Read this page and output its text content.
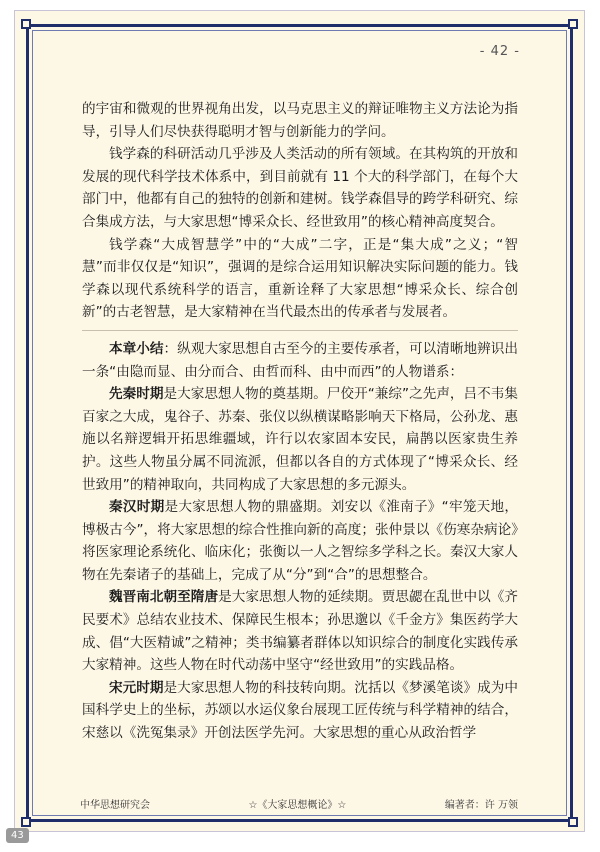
- 42 -

的宇宙和微观的世界视角出发，以马克思主义的辩证唯物主义方法论为指导，引导人们尽快获得聪明才智与创新能力的学问。

钱学森的科研活动几乎涉及人类活动的所有领域。在其构筑的开放和发展的现代科学技术体系中，到目前就有 11 个大的科学部门，在每个大部门中，他都有自己的独特的创新和建树。钱学森倡导的跨学科研究、综合集成方法，与大家思想“博采众长、经世致用”的核心精神高度契合。

钱学森“大成智慧学”中的“大成”二字，正是“集大成”之义；“智慧”而非仅仅是“知识”，强调的是综合运用知识解决实际问题的能力。钱学森以现代系统科学的语言，重新诠释了大家思想“博采众长、综合创新”的古老智慧，是大家精神在当代最杰出的传承者与发展者。

本章小结：纵观大家思想自古至今的主要传承者，可以清晰地辨识出一条“由隐而显、由分而合、由哲而科、由中而西”的人物谱系：

先秦时期是大家思想人物的奠基期。尸佼开“兼综”之先声，吕不韦集百家之大成，鬼谷子、苏秦、张仪以纵横谋略影响天下格局，公孙龙、惠施以名辩逻辑开拓思维疆域，许行以农家固本安民，扁鹊以医家贵生养护。这些人物虽分属不同流派，但都以各自的方式体现了“博采众长、经世致用”的精神取向，共同构成了大家思想的多元源头。

秦汉时期是大家思想人物的鼎盛期。刘安以《淮南子》“牢笼天地，博极古今”，将大家思想的综合性推向新的高度；张仲景以《伤寒杂病论》将医家理论系统化、临床化；张衡以一人之智综多学科之长。秦汉大家人物在先秦诸子的基础上，完成了从“分”到“合”的思想整合。

魏晋南北朝至隋唐是大家思想人物的延续期。贾思勰在乱世中以《齐民要术》总结农业技术、保障民生根本；孙思邈以《千金方》集医药学大成、倡“大医精诚”之精神；类书编纂者群体以知识综合的制度化实践传承大家精神。这些人物在时代动荡中坚守“经世致用”的实践品格。

宋元时期是大家思想人物的科技转向期。沈括以《梦溪笔谈》成为中国科学史上的坐标，苏颂以水运仪象台展现工匠传统与科学精神的结合，宋慈以《洗冤集录》开创法医学先河。大家思想的重心从政治哲学

中华思想研究会	☆《大家思想概论》☆	编著者：许 万领
43
